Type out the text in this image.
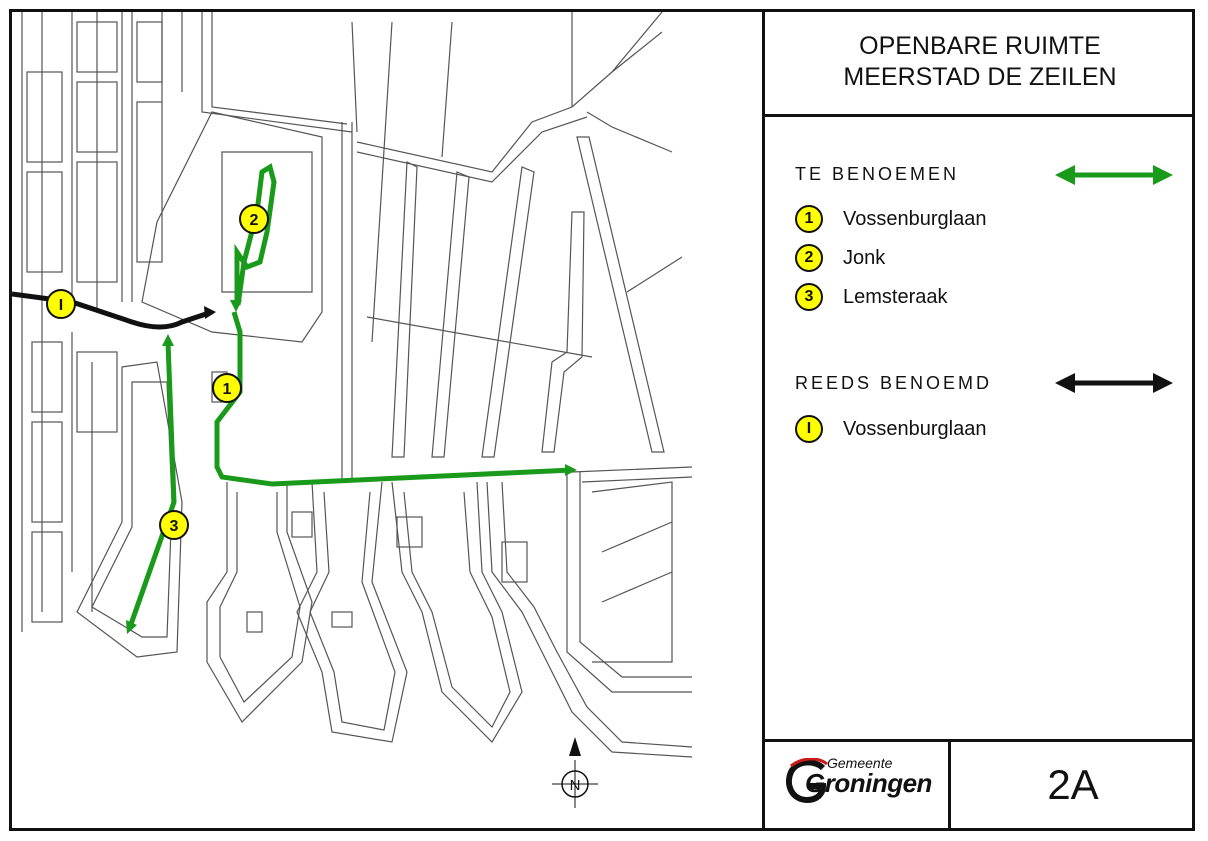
1
2
3
I
N
OPENBARE RUIMTE
MEERSTAD DE ZEILEN
TE BENOEMEN
1	Vossenburglaan
2	Jonk
3	Lemsteraak
REEDS BENOEMD
I	Vossenburglaan
Gemeente
Groningen	2A
